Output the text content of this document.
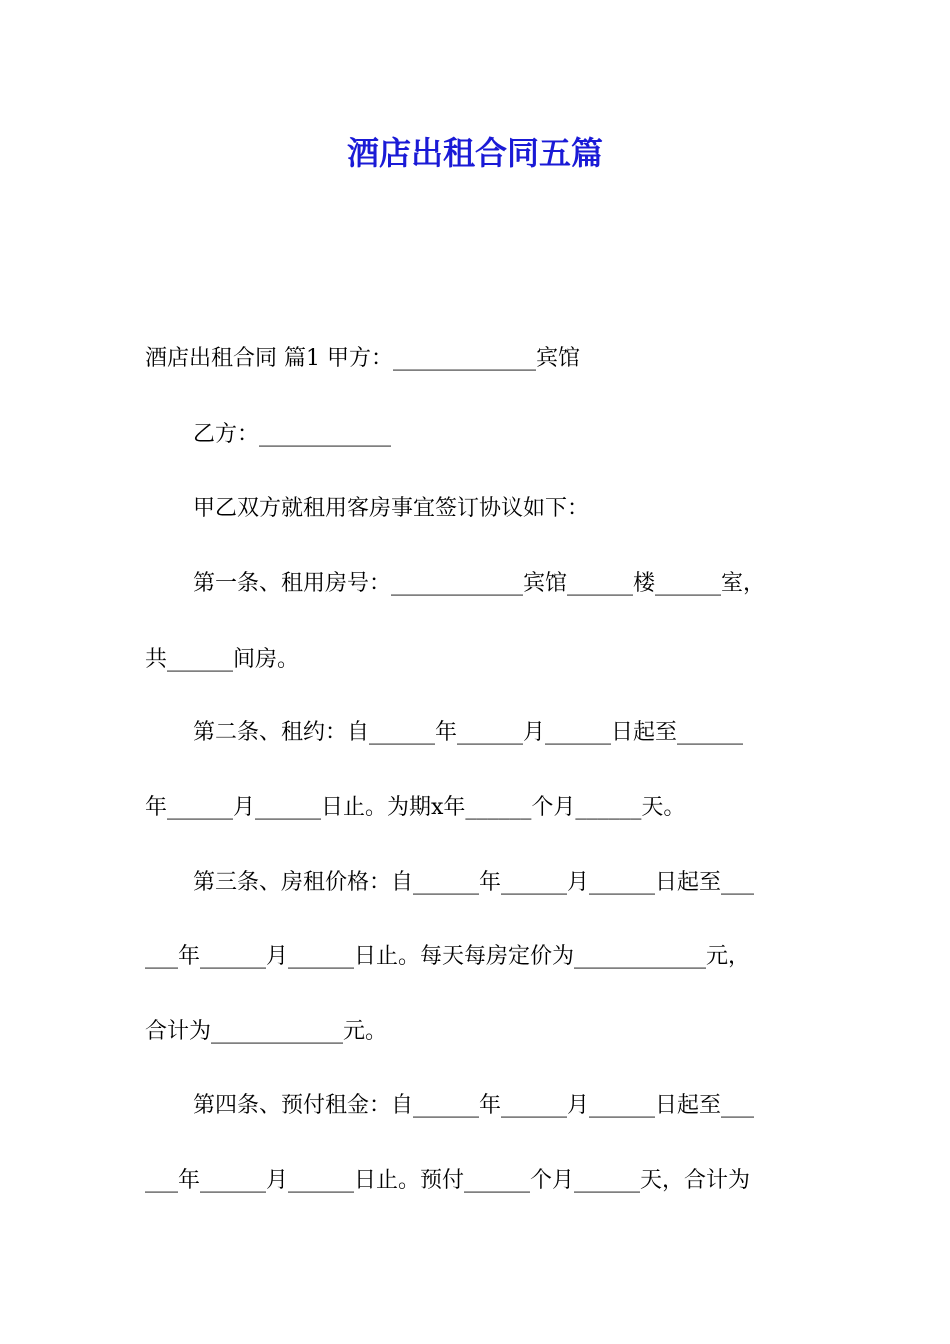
酒店出租合同五篇
酒店出租合同 篇1 甲方：_____________宾馆
乙方：____________
甲乙双方就租用客房事宜签订协议如下：
第一条、租用房号：____________宾馆______楼______室，
共______间房。
第二条、租约：自______年______月______日起至______
年______月______日止。为期x年______个月______天。
第三条、房租价格：自______年______月______日起至___
___年______月______日止。每天每房定价为____________元，
合计为____________元。
第四条、预付租金：自______年______月______日起至___
___年______月______日止。预付______个月______天，合计为
